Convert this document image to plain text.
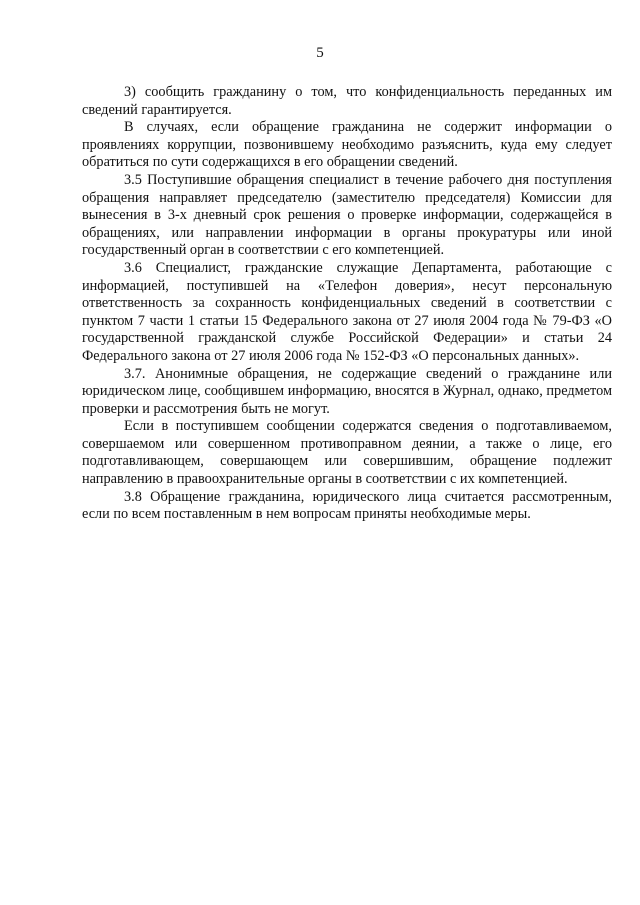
5

3) сообщить гражданину о том, что конфиденциальность переданных им сведений гарантируется.

В случаях, если обращение гражданина не содержит информации о проявлениях коррупции, позвонившему необходимо разъяснить, куда ему следует обратиться по сути содержащихся в его обращении сведений.

3.5 Поступившие обращения специалист в течение рабочего дня поступления обращения направляет председателю (заместителю председателя) Комиссии для вынесения в 3-х дневный срок решения о проверке информации, содержащейся в обращениях, или направлении информации в органы прокуратуры или иной государственный орган в соответствии с его компетенцией.

3.6 Специалист, гражданские служащие Департамента, работающие с информацией, поступившей на «Телефон доверия», несут персональную ответственность за сохранность конфиденциальных сведений в соответствии с пунктом 7 части 1 статьи 15 Федерального закона от 27 июля 2004 года № 79-ФЗ «О государственной гражданской службе Российской Федерации» и статьи 24 Федерального закона от 27 июля 2006 года № 152-ФЗ «О персональных данных».

3.7. Анонимные обращения, не содержащие сведений о гражданине или юридическом лице, сообщившем информацию, вносятся в Журнал, однако, предметом проверки и рассмотрения быть не могут.

Если в поступившем сообщении содержатся сведения о подготавливаемом, совершаемом или совершенном противоправном деянии, а также о лице, его подготавливающем, совершающем или совершившим, обращение подлежит направлению в правоохранительные органы в соответствии с их компетенцией.

3.8 Обращение гражданина, юридического лица считается рассмотренным, если по всем поставленным в нем вопросам приняты необходимые меры.
